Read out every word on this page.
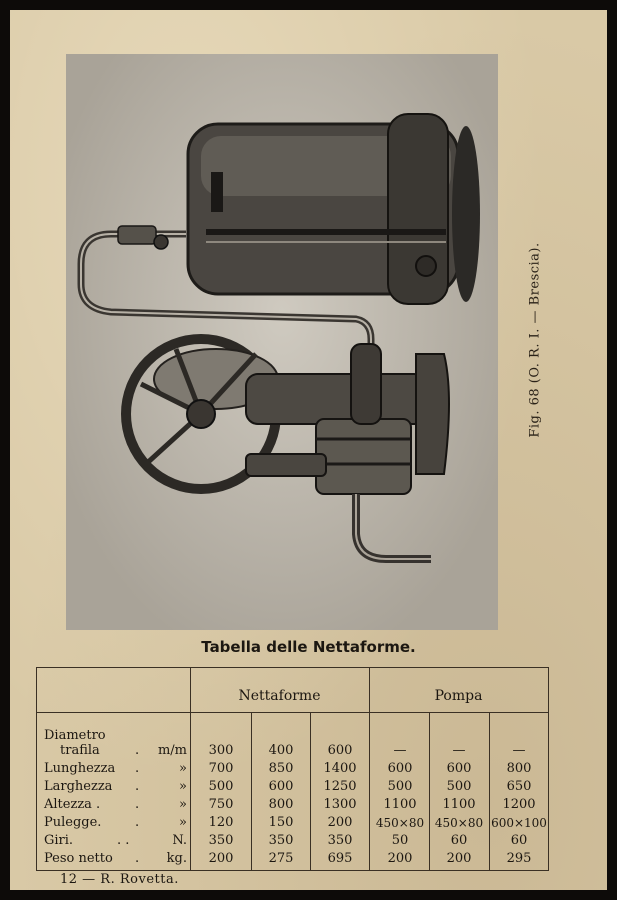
Fig. 68 (O. R. I. — Brescia).
Tabella delle Nettaforme.
Nettaforme	Pompa
Diametro
trafila	.	m/m	300	400	600	—	—	—
Lunghezza .	»	700	850	1400	600	600	800
Larghezza .	»	500	600	1250	500	500	650
Altezza .	.	»	750	800	1300	1100	1100	1200
Pulegge.	.	»	120	150	200	450×80 450×80 600×100
Giri.	. .	N.	350	350	350	50	60	60
Peso netto .	kg.	200	275	695	200	200	295
12 — R. Rovetta.
